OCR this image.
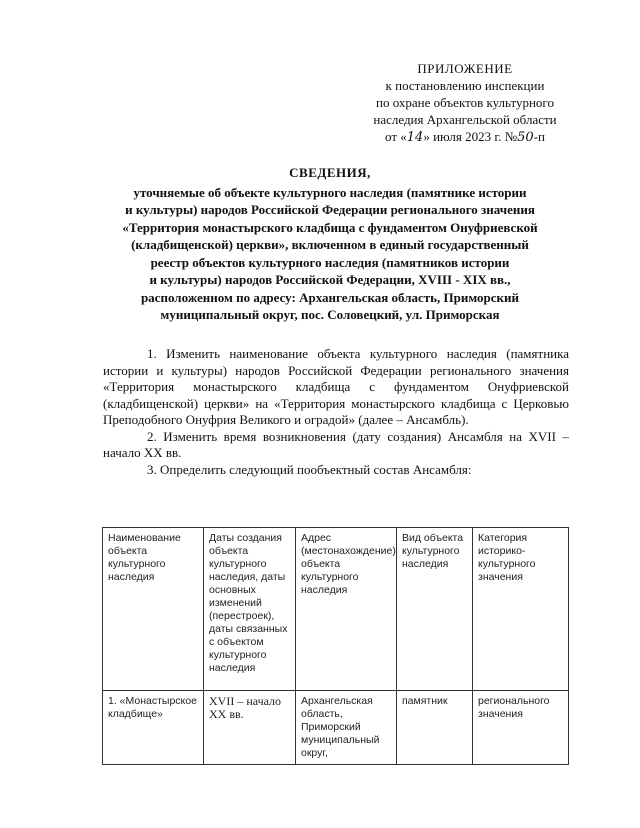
ПРИЛОЖЕНИЕ
к постановлению инспекции
по охране объектов культурного
наследия Архангельской области
от «14» июля 2023 г. №50-п
СВЕДЕНИЯ,
уточняемые об объекте культурного наследия (памятнике истории
и культуры) народов Российской Федерации регионального значения
«Территория монастырского кладбища с фундаментом Онуфриевской
(кладбищенской) церкви», включенном в единый государственный
реестр объектов культурного наследия (памятников истории
и культуры) народов Российской Федерации, XVIII - XIX вв.,
расположенном по адресу: Архангельская область, Приморский
муниципальный округ, пос. Соловецкий, ул. Приморская

1. Изменить наименование объекта культурного наследия (памятника истории и культуры) народов Российской Федерации регионального значения «Территория монастырского кладбища с фундаментом Онуфриевской (кладбищенской) церкви» на «Территория монастырского кладбища с Церковью Преподобного Онуфрия Великого и оградой» (далее – Ансамбль).

2. Изменить время возникновения (дату создания) Ансамбля на XVII – начало XX вв.

3. Определить следующий пообъектный состав Ансамбля:

Наименование объекта культурного наследия	Даты создания объекта культурного наследия, даты основных изменений (перестроек), даты связанных с объектом культурного наследия	Адрес (местонахождение) объекта культурного наследия	Вид объекта культурного наследия	Категория историко-культурного значения
1. «Монастырское кладбище»	XVII – начало XX вв.	Архангельская область, Приморский муниципальный округ,	памятник	регионального значения
